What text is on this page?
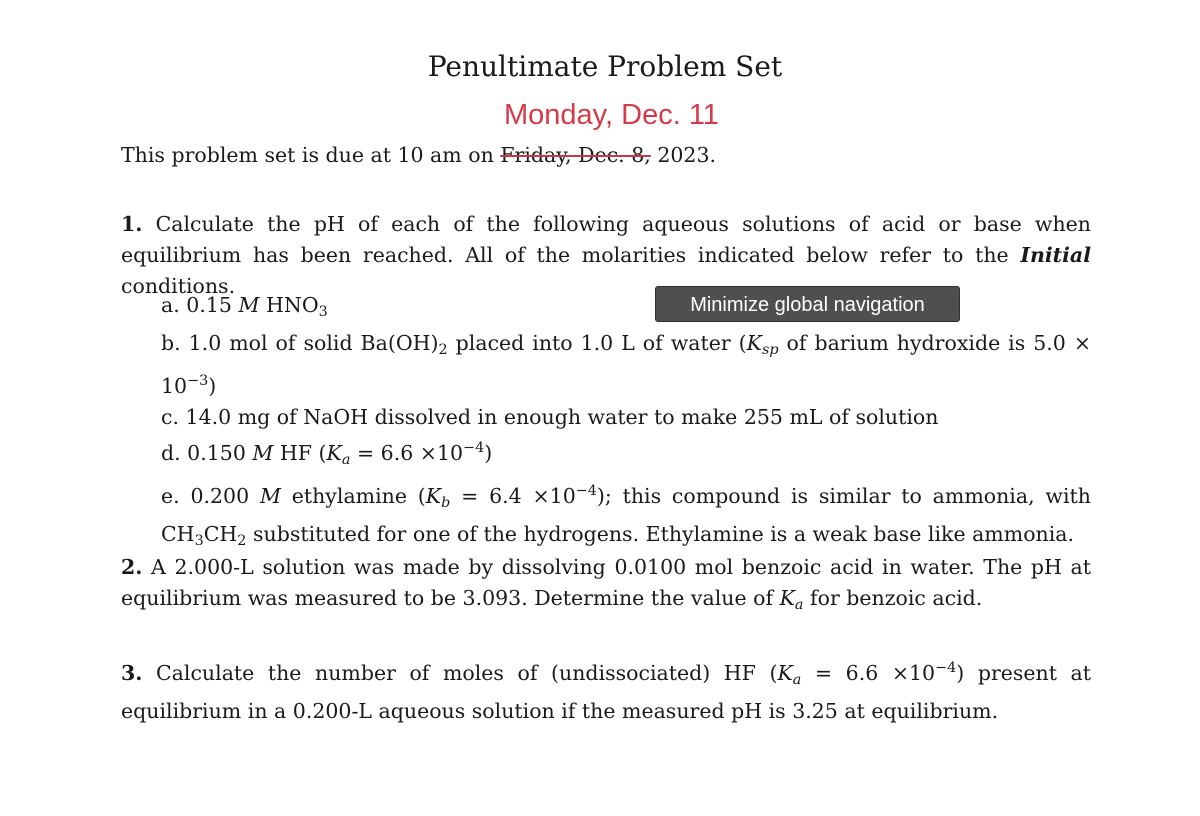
Penultimate Problem Set
Monday, Dec. 11
This problem set is due at 10 am on Friday, Dec. 8, 2023.
1. Calculate the pH of each of the following aqueous solutions of acid or base when equilibrium has been reached. All of the molarities indicated below refer to the Initial conditions.
a. 0.15 M $HNO_3$
b. 1.0 mol of solid $Ba(OH)_2$ placed into 1.0 L of water ($K_{sp}$ of barium hydroxide is $5.0 \times 10^{-3}$)
c. 14.0 mg of NaOH dissolved in enough water to make 255 mL of solution
d. 0.150 M HF $(K_a = 6.6 \times 10^{-4})$
e. 0.200 M ethylamine $(K_b = 6.4 \times 10^{-4})$; this compound is similar to ammonia, with $CH_3CH_2$ substituted for one of the hydrogens. Ethylamine is a weak base like ammonia.
2. A 2.000-L solution was made by dissolving 0.0100 mol benzoic acid in water. The pH at equilibrium was measured to be 3.093. Determine the value of $K_a$ for benzoic acid.
3. Calculate the number of moles of (undissociated) HF $(K_a = 6.6 \times 10^{-4})$ present at equilibrium in a 0.200-L aqueous solution if the measured pH is 3.25 at equilibrium.
Minimize global navigation
